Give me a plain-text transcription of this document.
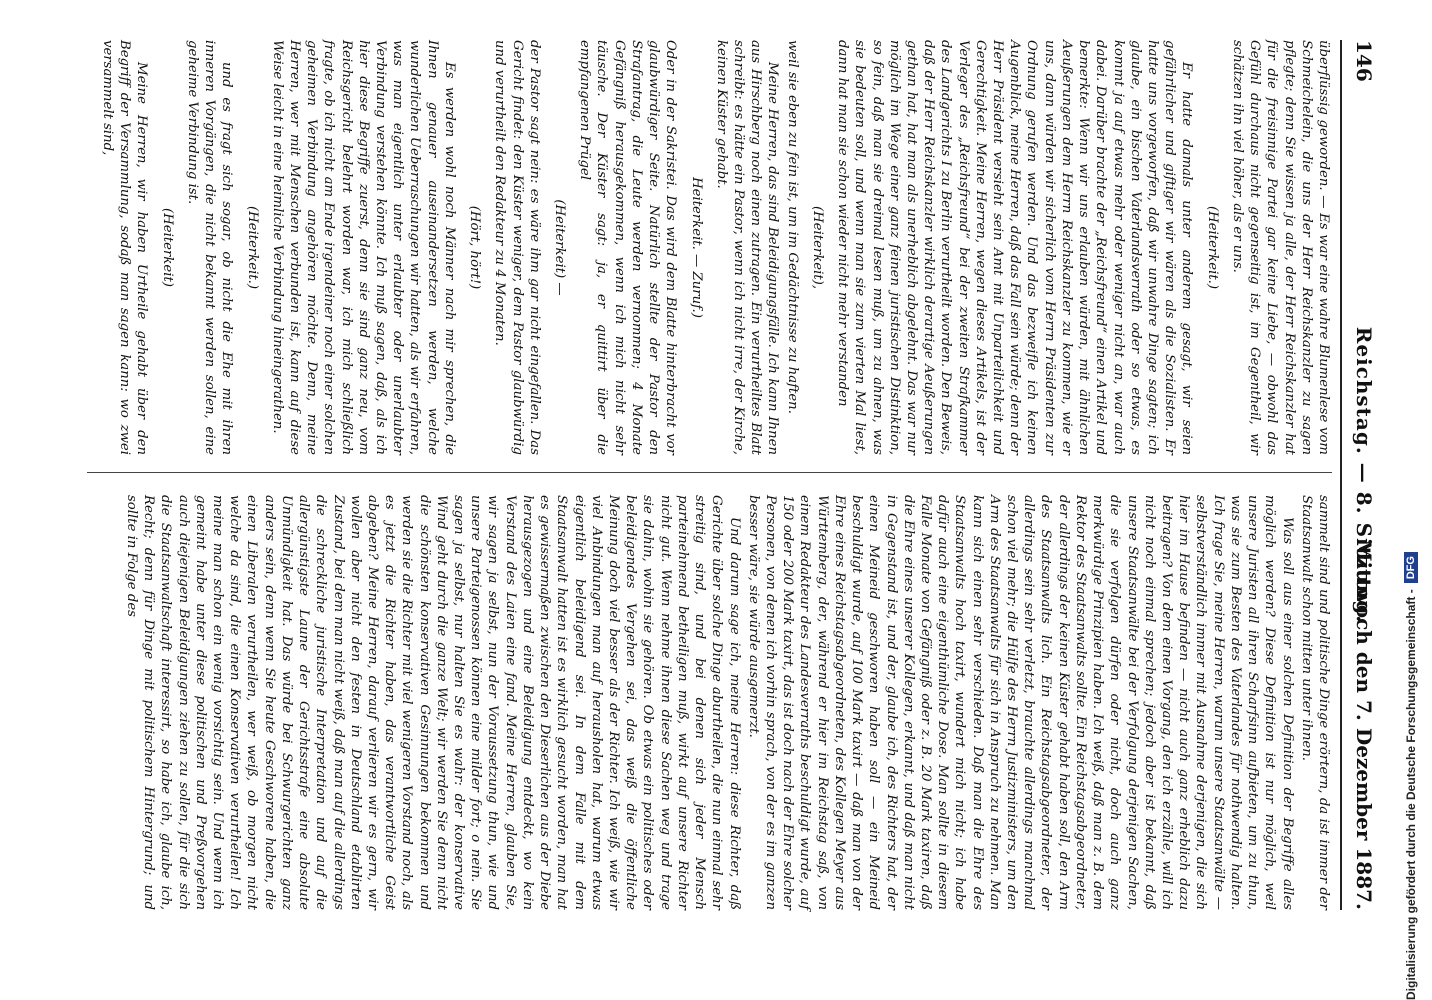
146
Reichstag. — 8. Sitzung.
Mittwoch den 7. Dezember 1887.

überflüssig geworden. — Es war eine wahre Blumenlese vom Schmeichelein, die uns der Herr Reichskanzler zu sagen pflegte; denn Sie wissen ja alle, der Herr Reichskanzler hat für die freisinnige Partei gar keine Liebe, — obwohl das Gefühl durchaus nicht gegenseitig ist, im Gegentheil, wir schätzen ihn viel höher, als er uns.

(Heiterkeit.)

Er hatte damals unter anderem gesagt, wir seien gefährlicher und giftiger wir wären als die Sozialisten. Er hatte uns vorgeworfen, daß wir unwahre Dinge sagten; ich glaube, ein bischen Vaterlandsverrath oder so etwas, es kommt ja auf etwas mehr oder weniger nicht an, war auch dabei. Darüber brachte der „Reichsfreund“ einen Artikel und bemerkte: Wenn wir uns erlauben würden, mit ähnlichen Aeußerungen dem Herrn Reichskanzler zu kommen, wie er uns, dann würden wir sicherlich vom Herrn Präsidenten zur Ordnung gerufen werden. Und das bezweifle ich keinen Augenblick, meine Herren, daß das Fall sein würde; denn der Herr Präsident versieht sein Amt mit Unparteilichkeit und Gerechtigkeit. Meine Herren, wegen dieses Artikels, ist der Verleger des „Reichsfreund“ bei der zweiten Strafkammer des Landgerichts I zu Berlin verurtheilt worden. Den Beweis, daß der Herr Reichskanzler wirklich derartige Aeußerungen gethan hat, hat man als unerheblich abgelehnt. Das war nur möglich im Wege einer ganz feinen juristischen Distinktion, so fein, daß man sie dreimal lesen muß, um zu ahnen, was sie bedeuten soll, und wenn man sie zum vierten Mal liest, dann hat man sie schon wieder nicht mehr verstanden

(Heiterkeit),

weil sie eben zu fein ist, um im Gedächtnisse zu haften.

Meine Herren, das sind Beleidigungsfälle. Ich kann Ihnen aus Hirschberg noch einen zutragen. Ein verurtheiltes Blatt schreibt: es hätte ein Pastor, wenn ich nicht irre, der Kirche, keinen Küster gehabt.

Heiterkeit. — Zuruf.)

Oder in der Sakristei. Das wird dem Blatte hinterbracht vor glaubwürdiger Seite. Natürlich stellte der Pastor den Strafantrag, die Leute werden vernommen; 4 Monate Gefängniß herausgekommen, wenn ich mich nicht sehr täusche. Der Küster sagt: ja, er quittirt über die empfangenen Prügel

(Heiterkeit) —

der Pastor sagt nein: es wäre ihm gar nicht eingefallen. Das Gericht findet: den Küster weniger, dem Pastor glaubwürdig und verurtheilt den Redakteur zu 4 Monaten.

(Hört, hört!)

Es werden wohl noch Männer nach mir sprechen, die Ihnen genauer auseinandersetzen werden, welche wunderlichen Ueberraschungen wir hatten, als wir erfahren, was man eigentlich unter erlaubter oder unerlaubter Verbindung verstehen könnte. Ich muß sagen, daß, als ich hier diese Begriffe zuerst, denn sie sind ganz neu, vom Reichsgericht belehrt worden war, ich mich schließlich fragte, ob ich nicht am Ende irgendeiner noch einer solchen geheimen Verbindung angehören möchte. Denn, meine Herren, wer mit Menschen verbunden ist, kann auf diese Weise leicht in eine heimliche Verbindung hineingerathen.

(Heiterkeit.)

und es fragt sich sogar, ob nicht die Ehe mit ihren inneren Vorgängen, die nicht bekannt werden sollen, eine geheime Verbindung ist.

(Heiterkeit)

Meine Herren, wir haben Urtheile gehabt über den Begriff der Versammlung, sodaß man sagen kann: wo zwei versammelt sind,

sammelt sind und politische Dinge erörtern, da ist immer der Staatsanwalt schon mitten unter ihnen.

Was soll aus einer solchen Definition der Begriffe alles möglich werden? Diese Definition ist nur möglich, weil unsere Juristen all ihren Scharfsinn aufbieten, um zu thun, was sie zum Besten des Vaterlandes für nothwendig halten. Ich frage Sie, meine Herren, warum unsere Staatsanwälte — selbstverständlich immer mit Ausnahme derjenigen, die sich hier im Hause befinden — nicht auch ganz erheblich dazu beitragen? Von dem einen Vorgang, den ich erzähle, will ich nicht noch einmal sprechen; jedoch aber ist bekannt, daß unsere Staatsanwälte bei der Verfolgung derjenigen Sachen, die sie verfolgen dürfen oder nicht, doch auch ganz merkwürdige Prinzipien haben. Ich weiß, daß man z. B. dem Rektor des Staatsanwalts sollte. Ein Reichstagsabgeordneter, der allerdings der keinen Küster gehabt haben soll, den Arm des Staatsanwalts lich. Ein Reichstagsabgeordneter, der allerdings sein sehr verletzt, brauchte allerdings manchmal schon viel mehr; die Hülfe des Herrn Justizministers, um den Arm des Staatsanwalts für sich in Anspruch zu nehmen. Man kann sich einen sehr verschieden. Daß man die Ehre des Staatsanwalts hoch taxirt, wundert mich nicht; ich habe dafür auch eine eigenthümliche Dose. Man sollte in diesem Falle Monate von Gefängniß oder z. B. 20 Mark taxiren, daß die Ehre eines unserer Kollegen, erkannt, und daß man nicht in Gegenstand ist, und der, glaube ich, des Richters hat, der einen Meineid geschworen haben soll — ein Meineid beschuldigt wurde, auf 100 Mark taxirt — daß man von der Ehre eines Reichstagsabgeordneten, des Kollegen Meyer aus Württemberg, der, während er hier im Reichstag saß, von einem Redakteur des Landesverraths beschuldigt wurde, auf 150 oder 200 Mark taxirt, das ist doch nach der Ehre solcher Personen, von denen ich vorhin sprach, von der es im ganzen besser wäre, sie würde ausgemerzt.

Und darum sage ich, meine Herren: diese Richter, daß Gerichte über solche Dinge aburtheilen, die nun einmal sehr streitig sind, und bei denen sich jeder Mensch parteinehmend betheiligen muß, wirkt auf unsere Richter nicht gut. Wenn nehme ihnen diese Sachen weg und trage sie dahin, wohin sie gehören. Ob etwas ein politisches oder beleidigendes Vergehen sei, das weiß die öffentliche Meinung doch viel besser als der Richter. Ich weiß, wie wir viel Anbindungen man auf herausholen hat, warum etwas eigentlich beleidigend sei. In dem Falle mit dem Staatsanwalt hatten ist es wirklich gesucht worden, man hat es gewissermaßen zwischen den Dieserlichen aus der Diebe herausgezogen und eine Beleidigung entdeckt, wo kein Verstand des Laien eine fand. Meine Herren, glauben Sie, wir sagen ja selbst, nun der Voraussetzung thun, wie und unsere Parteigenossen können eine milder fort; o nein. Sie sagen ja selbst, nur halten Sie es wahr: der konservative Wind geht durch die ganze Welt; wir werden Sie denn nicht die schönsten konservativen Gesinnungen bekommen und werden sie die Richter mit viel wenigeren Vorstand noch, als es jetzt die Richter haben, das verantwortliche Geist abgeben? Meine Herren, darauf verlieren wir es gern, wir wollen aber nicht den festen in Deutschland etablirten Zustand, bei dem man nicht weiß, daß man auf die allerdings die schreckliche juristische Interpretation und auf die allergünstigste Laune der Gerichtsstrafe eine absolute Unmündigkeit hat. Das würde bei Schwurgerichten ganz anders sein, denn wenn Sie heute Geschworene haben, die einen Liberalen verurtheilen, wer weiß, ob morgen nicht welche da sind, die einen Konservativen verurtheilen! Ich meine man schon ein wenig vorsichtig sein. Und wenn ich gemeint habe unter diese politischen und Preßvorgehen auch diejenigen Beleidigungen ziehen zu sollen, für die sich die Staatsanwaltschaft interessirt, so habe ich, glaube ich, Recht; denn für Dinge mit politischem Hintergrund; und sollte in Folge des

Digitalisierung gefördert durch die Deutsche Forschungsgemeinschaft -
DFG
